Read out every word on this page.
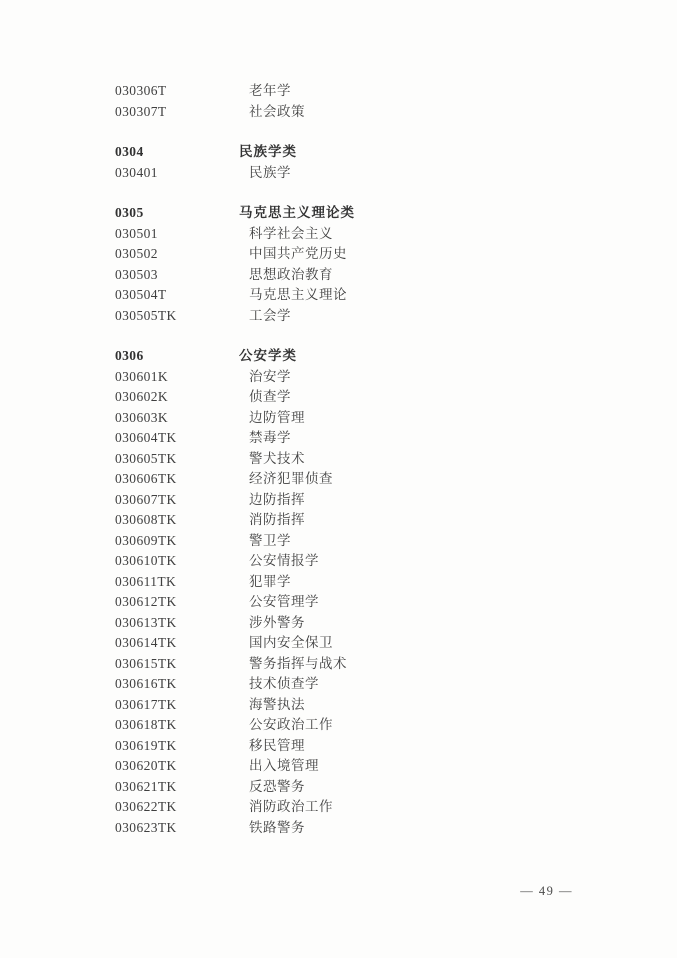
030306T	老年学
030307T	社会政策
0304	民族学类
030401	民族学
0305	马克思主义理论类
030501	科学社会主义
030502	中国共产党历史
030503	思想政治教育
030504T	马克思主义理论
030505TK	工会学
0306	公安学类
030601K	治安学
030602K	侦查学
030603K	边防管理
030604TK	禁毒学
030605TK	警犬技术
030606TK	经济犯罪侦查
030607TK	边防指挥
030608TK	消防指挥
030609TK	警卫学
030610TK	公安情报学
030611TK	犯罪学
030612TK	公安管理学
030613TK	涉外警务
030614TK	国内安全保卫
030615TK	警务指挥与战术
030616TK	技术侦查学
030617TK	海警执法
030618TK	公安政治工作
030619TK	移民管理
030620TK	出入境管理
030621TK	反恐警务
030622TK	消防政治工作
030623TK	铁路警务
— 49 —
